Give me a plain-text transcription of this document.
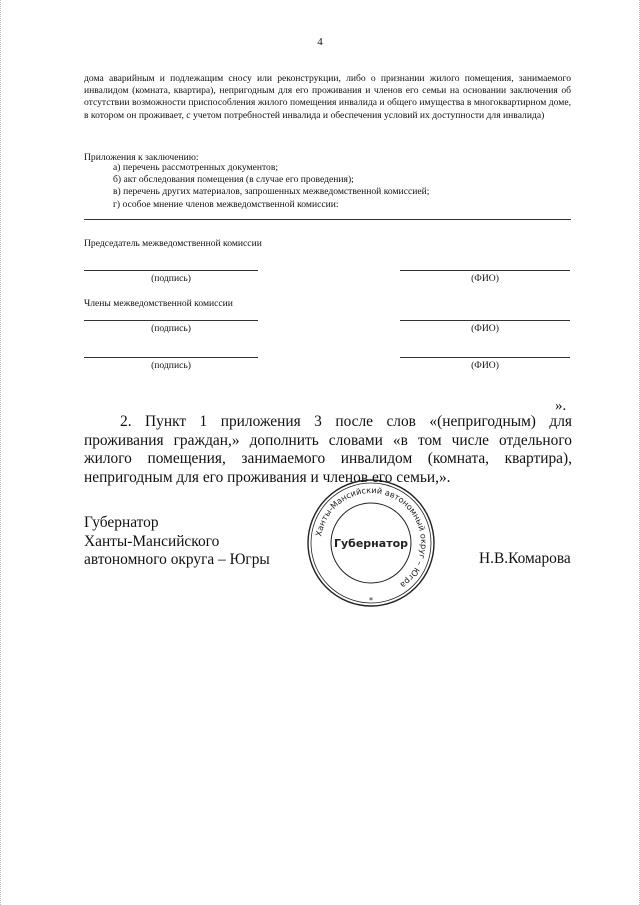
4
дома аварийным и подлежащим сносу или реконструкции, либо о признании жилого помещения, занимаемого инвалидом (комната, квартира), непригодным для его проживания и членов его семьи на основании заключения об отсутствии возможности приспособления жилого помещения инвалида и общего имущества в многоквартирном доме, в котором он проживает, с учетом потребностей инвалида и обеспечения условий их доступности для инвалида)
Приложения к заключению:
а) перечень рассмотренных документов;
б) акт обследования помещения (в случае его проведения);
в) перечень других материалов, запрошенных межведомственной комиссией;
г) особое мнение членов межведомственной комиссии:
Председатель межведомственной комиссии
(подпись)	(ФИО)
Члены межведомственной комиссии
(подпись)	(ФИО)
(подпись)	(ФИО)
».
2. Пункт 1 приложения 3 после слов «(непригодным) для проживания граждан,» дополнить словами «в том числе отдельного жилого помещения, занимаемого инвалидом (комната, квартира), непригодным для его проживания и членов его семьи,».
Губернатор
Ханты-Мансийского
автономного округа – Югры
Ханты-Мансийский автономный округ – Югра
Губернатор
*
Н.В.Комарова
